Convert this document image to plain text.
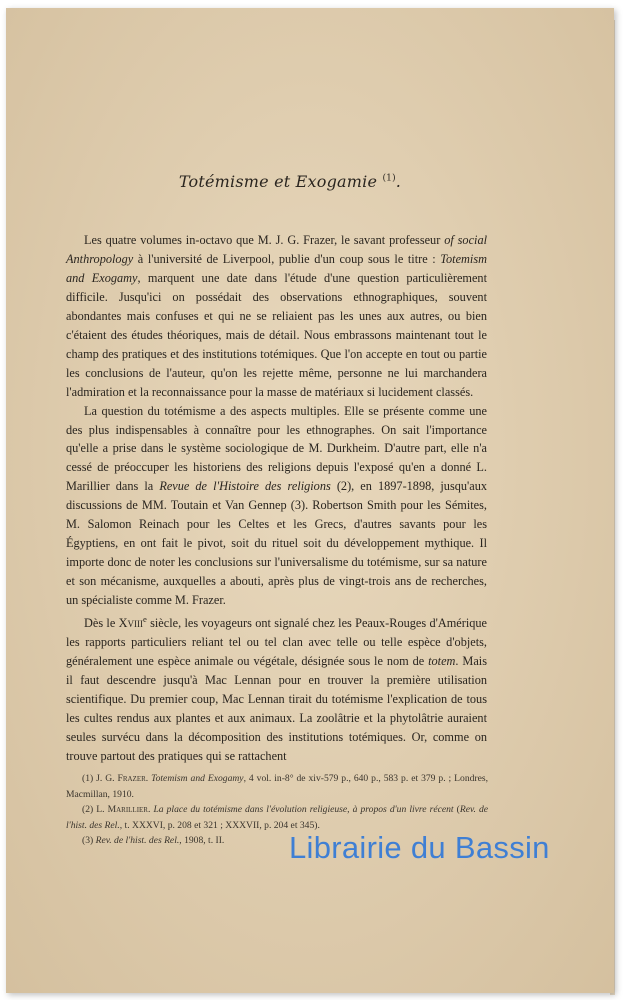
Totémisme et Exogamie $^{(1)}$.

Les quatre volumes in-octavo que M. J. G. Frazer, le savant professeur of social Anthropology à l'université de Liverpool, publie d'un coup sous le titre : Totemism and Exogamy, marquent une date dans l'étude d'une question particulièrement difficile. Jusqu'ici on possédait des observations ethnographiques, souvent abondantes mais confuses et qui ne se reliaient pas les unes aux autres, ou bien c'étaient des études théoriques, mais de détail. Nous embrassons maintenant tout le champ des pratiques et des institutions totémiques. Que l'on accepte en tout ou partie les conclusions de l'auteur, qu'on les rejette même, personne ne lui marchandera l'admiration et la reconnaissance pour la masse de matériaux si lucidement classés.

La question du totémisme a des aspects multiples. Elle se présente comme une des plus indispensables à connaître pour les ethnographes. On sait l'importance qu'elle a prise dans le système sociologique de M. Durkheim. D'autre part, elle n'a cessé de préoccuper les historiens des religions depuis l'exposé qu'en a donné L. Marillier dans la Revue de l'Histoire des religions (2), en 1897-1898, jusqu'aux discussions de MM. Toutain et Van Gennep (3). Robertson Smith pour les Sémites, M. Salomon Reinach pour les Celtes et les Grecs, d'autres savants pour les Égyptiens, en ont fait le pivot, soit du rituel soit du développement mythique. Il importe donc de noter les conclusions sur l'universalisme du totémisme, sur sa nature et son mécanisme, auxquelles a abouti, après plus de vingt-trois ans de recherches, un spécialiste comme M. Frazer.

Dès le Xviii$^e$ siècle, les voyageurs ont signalé chez les Peaux-Rouges d'Amérique les rapports particuliers reliant tel ou tel clan avec telle ou telle espèce d'objets, généralement une espèce animale ou végétale, désignée sous le nom de totem. Mais il faut descendre jusqu'à Mac Lennan pour en trouver la première utilisation scientifique. Du premier coup, Mac Lennan tirait du totémisme l'explication de tous les cultes rendus aux plantes et aux animaux. La zoolâtrie et la phytolâtrie auraient seules survécu dans la décomposition des institutions totémiques. Or, comme on trouve partout des pratiques qui se rattachent

(1) J. G. Frazer. Totemism and Exogamy, 4 vol. in-8° de xiv-579 p., 640 p., 583 p. et 379 p. ; Londres, Macmillan, 1910.

(2) L. Marillier. La place du totémisme dans l'évolution religieuse, à propos d'un livre récent (Rev. de l'hist. des Rel., t. XXXVI, p. 208 et 321 ; XXXVII, p. 204 et 345).

(3) Rev. de l'hist. des Rel., 1908, t. II.	Librairie du Bassin
